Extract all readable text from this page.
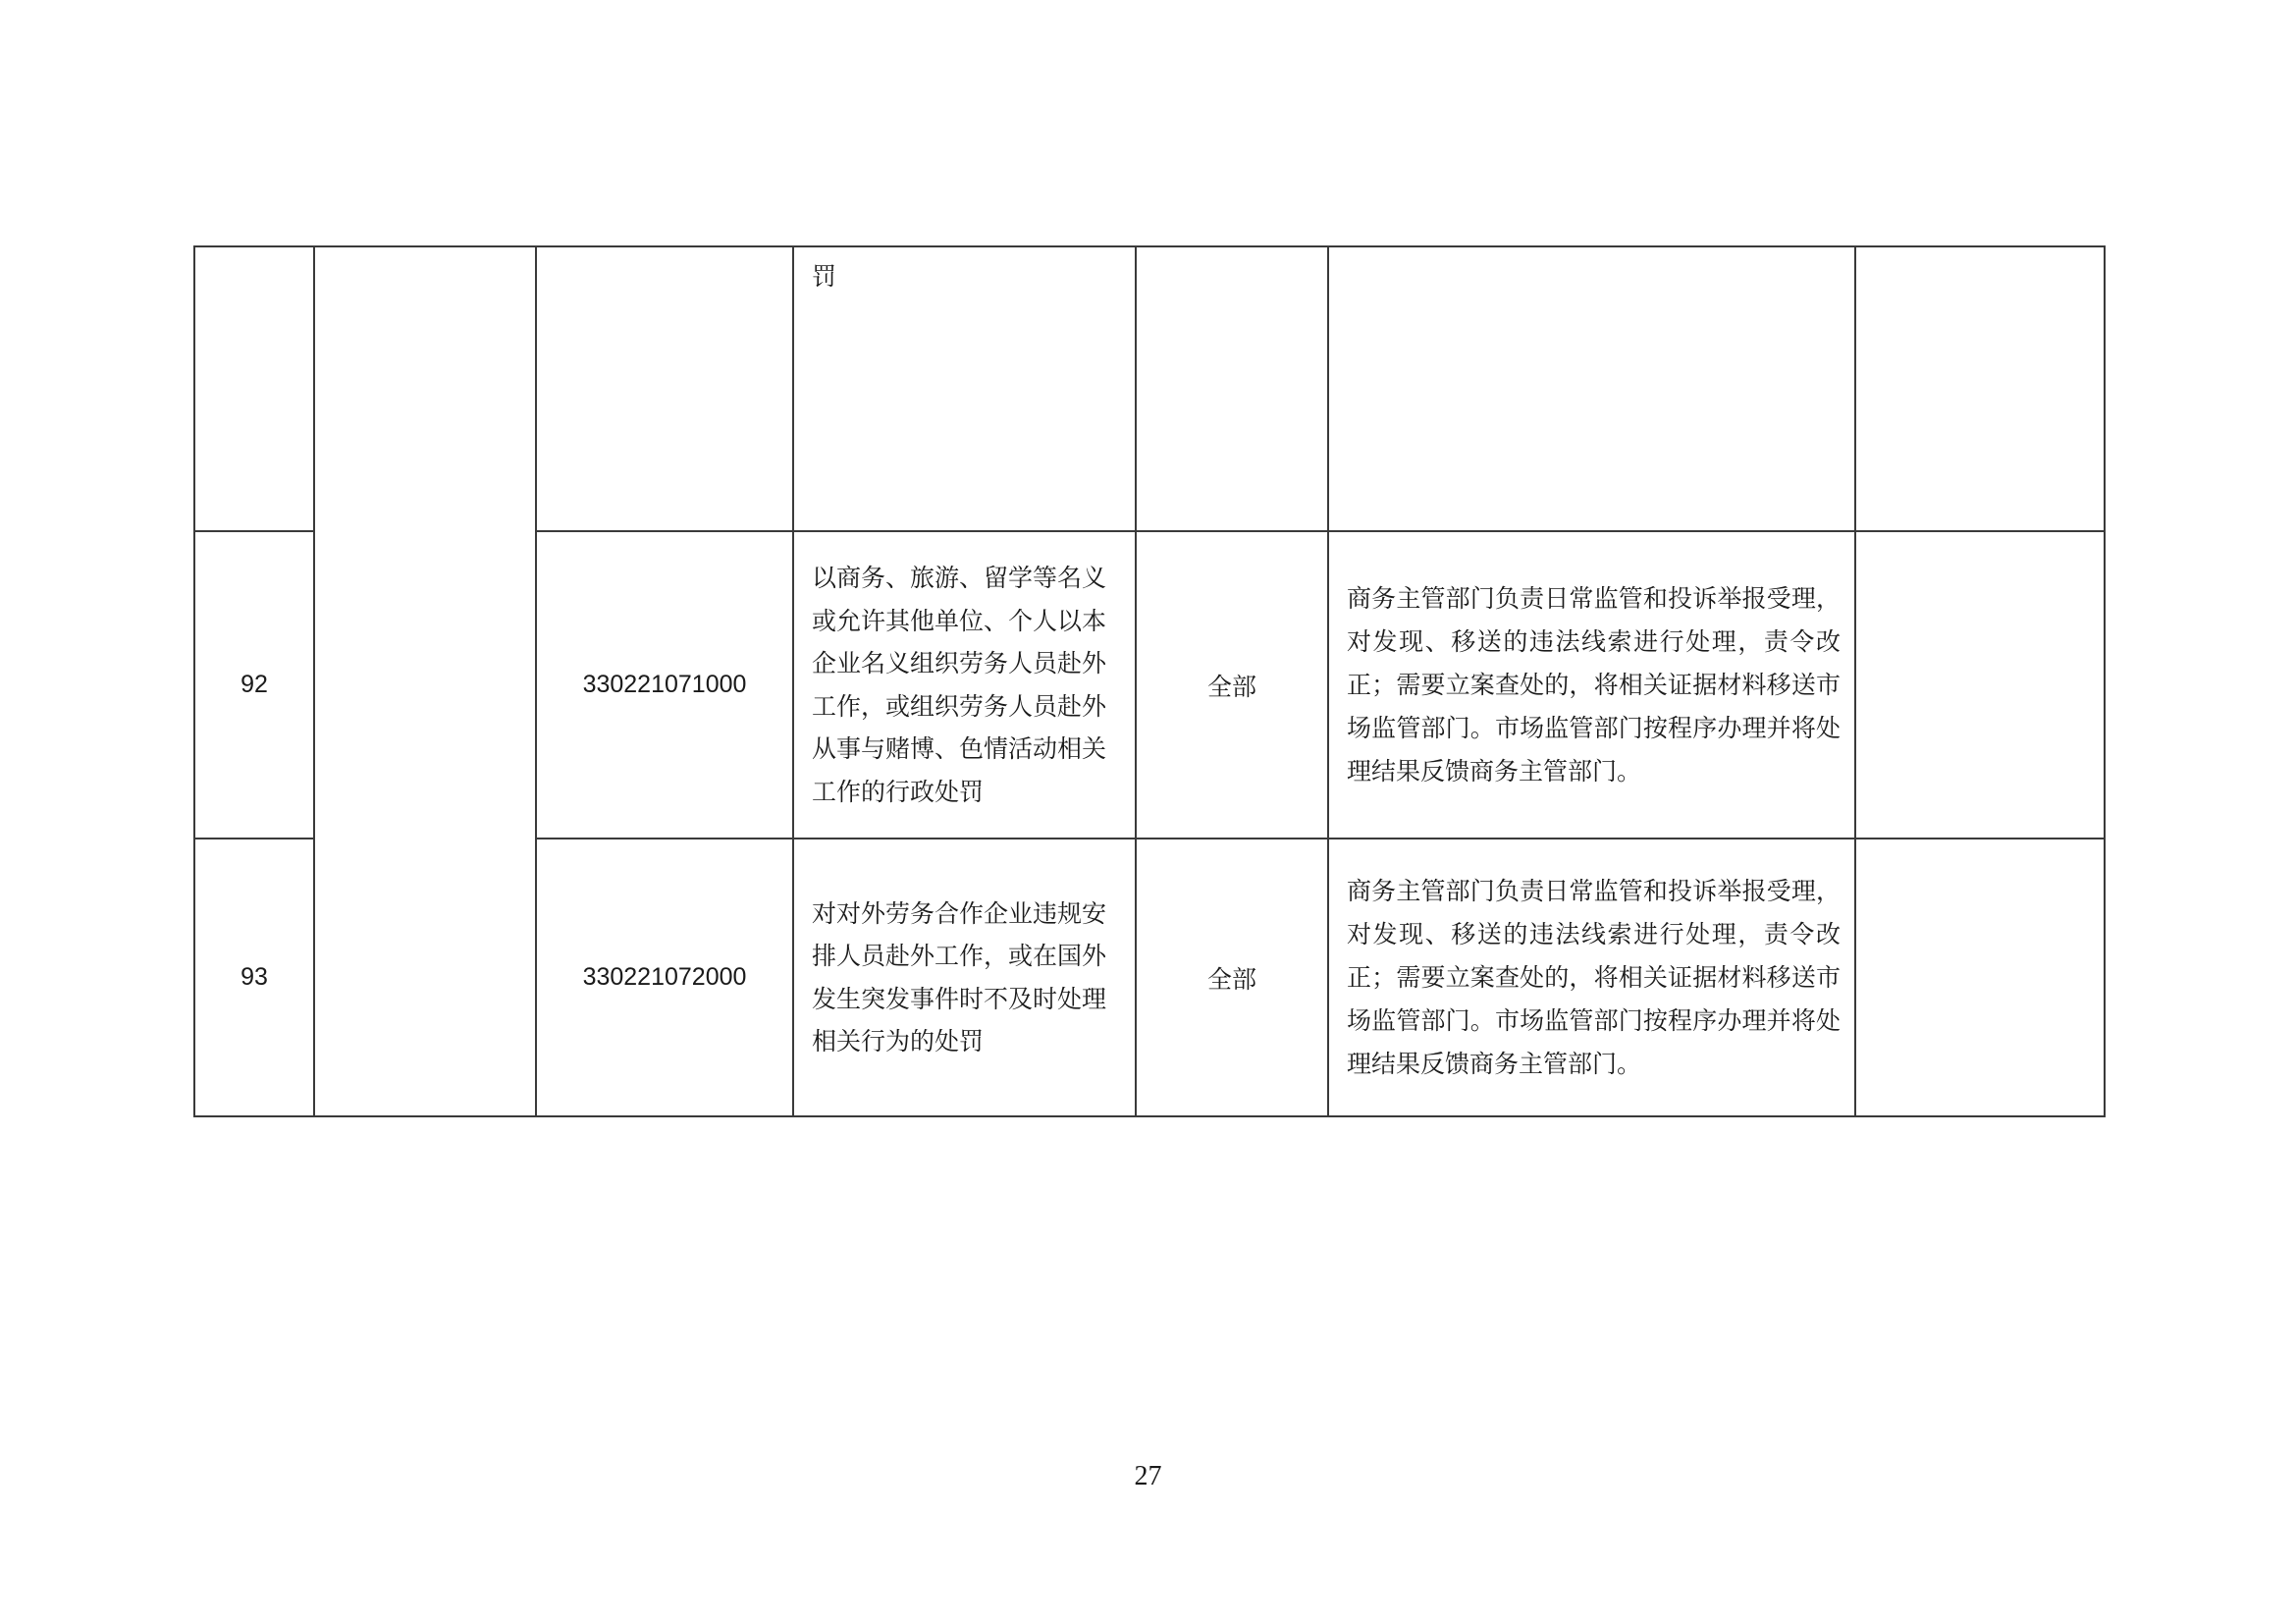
			罚			
92		330221071000	以商务、旅游、留学等名义或允许其他单位、个人以本企业名义组织劳务人员赴外工作，或组织劳务人员赴外从事与赌博、色情活动相关工作的行政处罚	全部	商务主管部门负责日常监管和投诉举报受理，对发现、移送的违法线索进行处理，责令改正；需要立案查处的，将相关证据材料移送市场监管部门。市场监管部门按程序办理并将处理结果反馈商务主管部门。	
93		330221072000	对对外劳务合作企业违规安排人员赴外工作，或在国外发生突发事件时不及时处理相关行为的处罚	全部	商务主管部门负责日常监管和投诉举报受理，对发现、移送的违法线索进行处理，责令改正；需要立案查处的，将相关证据材料移送市场监管部门。市场监管部门按程序办理并将处理结果反馈商务主管部门。	
27
